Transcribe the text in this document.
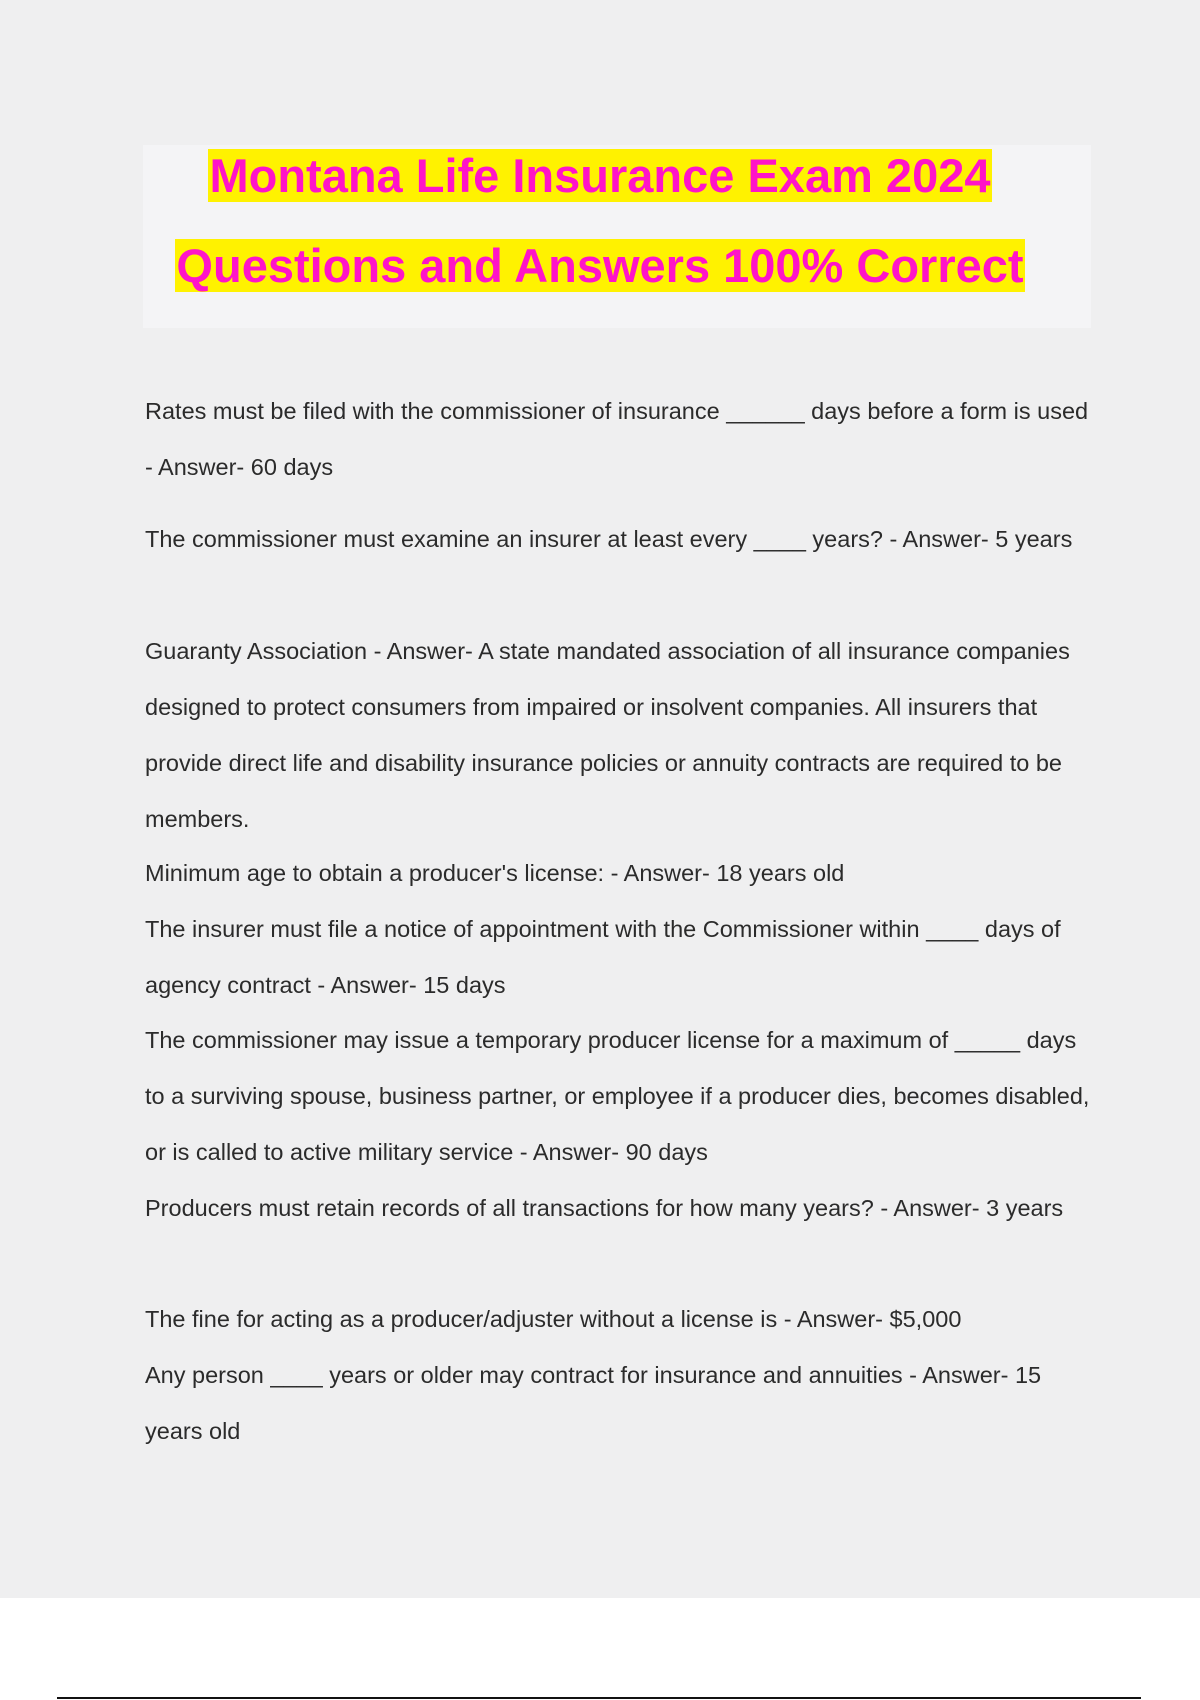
Montana Life Insurance Exam 2024
Questions and Answers 100% Correct

Rates must be filed with the commissioner of insurance ______ days before a form is used - Answer- 60 days

The commissioner must examine an insurer at least every ____ years? - Answer- 5 years

Guaranty Association - Answer- A state mandated association of all insurance companies designed to protect consumers from impaired or insolvent companies. All insurers that provide direct life and disability insurance policies or annuity contracts are required to be members.

Minimum age to obtain a producer's license: - Answer- 18 years old

The insurer must file a notice of appointment with the Commissioner within ____ days of agency contract - Answer- 15 days

The commissioner may issue a temporary producer license for a maximum of _____ days to a surviving spouse, business partner, or employee if a producer dies, becomes disabled, or is called to active military service - Answer- 90 days

Producers must retain records of all transactions for how many years? - Answer- 3 years

The fine for acting as a producer/adjuster without a license is - Answer- $5,000

Any person ____ years or older may contract for insurance and annuities - Answer- 15 years old
